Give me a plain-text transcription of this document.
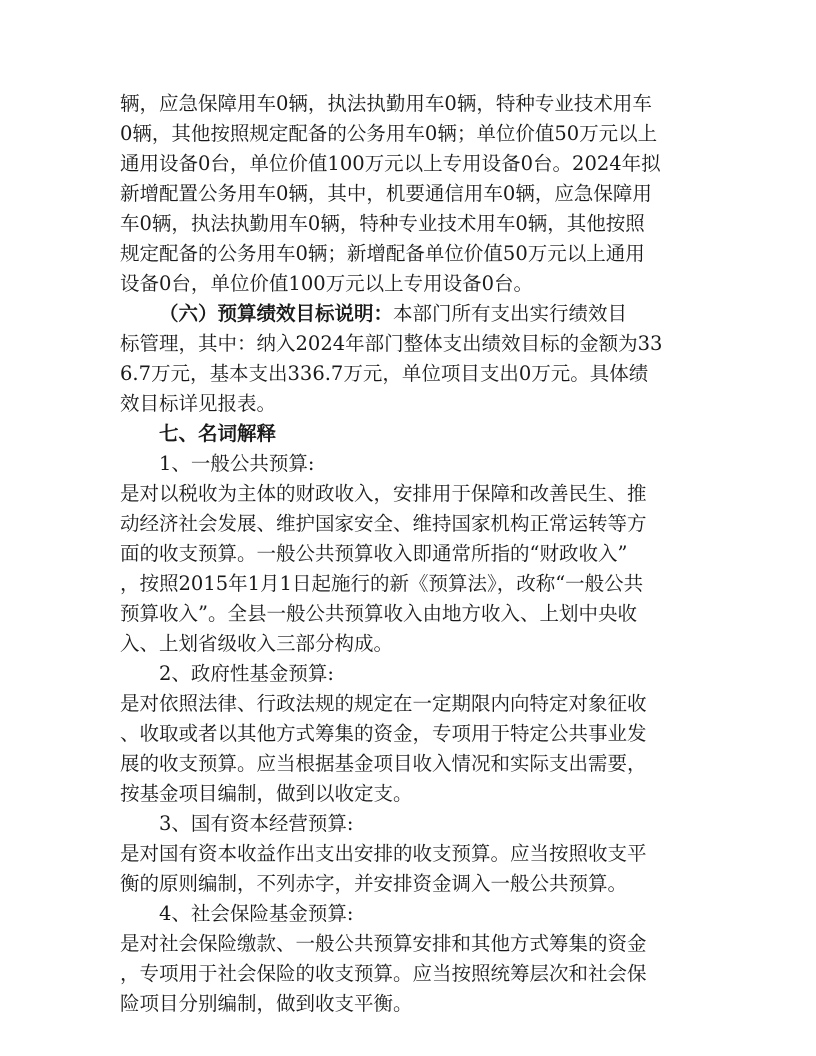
辆，应急保障用车0辆，执法执勤用车0辆，特种专业技术用车
0辆，其他按照规定配备的公务用车0辆；单位价值50万元以上
通用设备0台，单位价值100万元以上专用设备0台。2024年拟
新增配置公务用车0辆，其中，机要通信用车0辆，应急保障用
车0辆，执法执勤用车0辆，特种专业技术用车0辆，其他按照
规定配备的公务用车0辆；新增配备单位价值50万元以上通用
设备0台，单位价值100万元以上专用设备0台。
（六）预算绩效目标说明：本部门所有支出实行绩效目
标管理，其中：纳入2024年部门整体支出绩效目标的金额为33
6.7万元，基本支出336.7万元，单位项目支出0万元。具体绩
效目标详见报表。
七、名词解释
1、一般公共预算:
是对以税收为主体的财政收入，安排用于保障和改善民生、推
动经济社会发展、维护国家安全、维持国家机构正常运转等方
面的收支预算。一般公共预算收入即通常所指的“财政收入”
，按照2015年1月1日起施行的新《预算法》，改称“一般公共
预算收入”。全县一般公共预算收入由地方收入、上划中央收
入、上划省级收入三部分构成。
2、政府性基金预算:
是对依照法律、行政法规的规定在一定期限内向特定对象征收
、收取或者以其他方式筹集的资金，专项用于特定公共事业发
展的收支预算。应当根据基金项目收入情况和实际支出需要，
按基金项目编制，做到以收定支。
3、国有资本经营预算:
是对国有资本收益作出支出安排的收支预算。应当按照收支平
衡的原则编制，不列赤字，并安排资金调入一般公共预算。
4、社会保险基金预算:
是对社会保险缴款、一般公共预算安排和其他方式筹集的资金
，专项用于社会保险的收支预算。应当按照统筹层次和社会保
险项目分别编制，做到收支平衡。
